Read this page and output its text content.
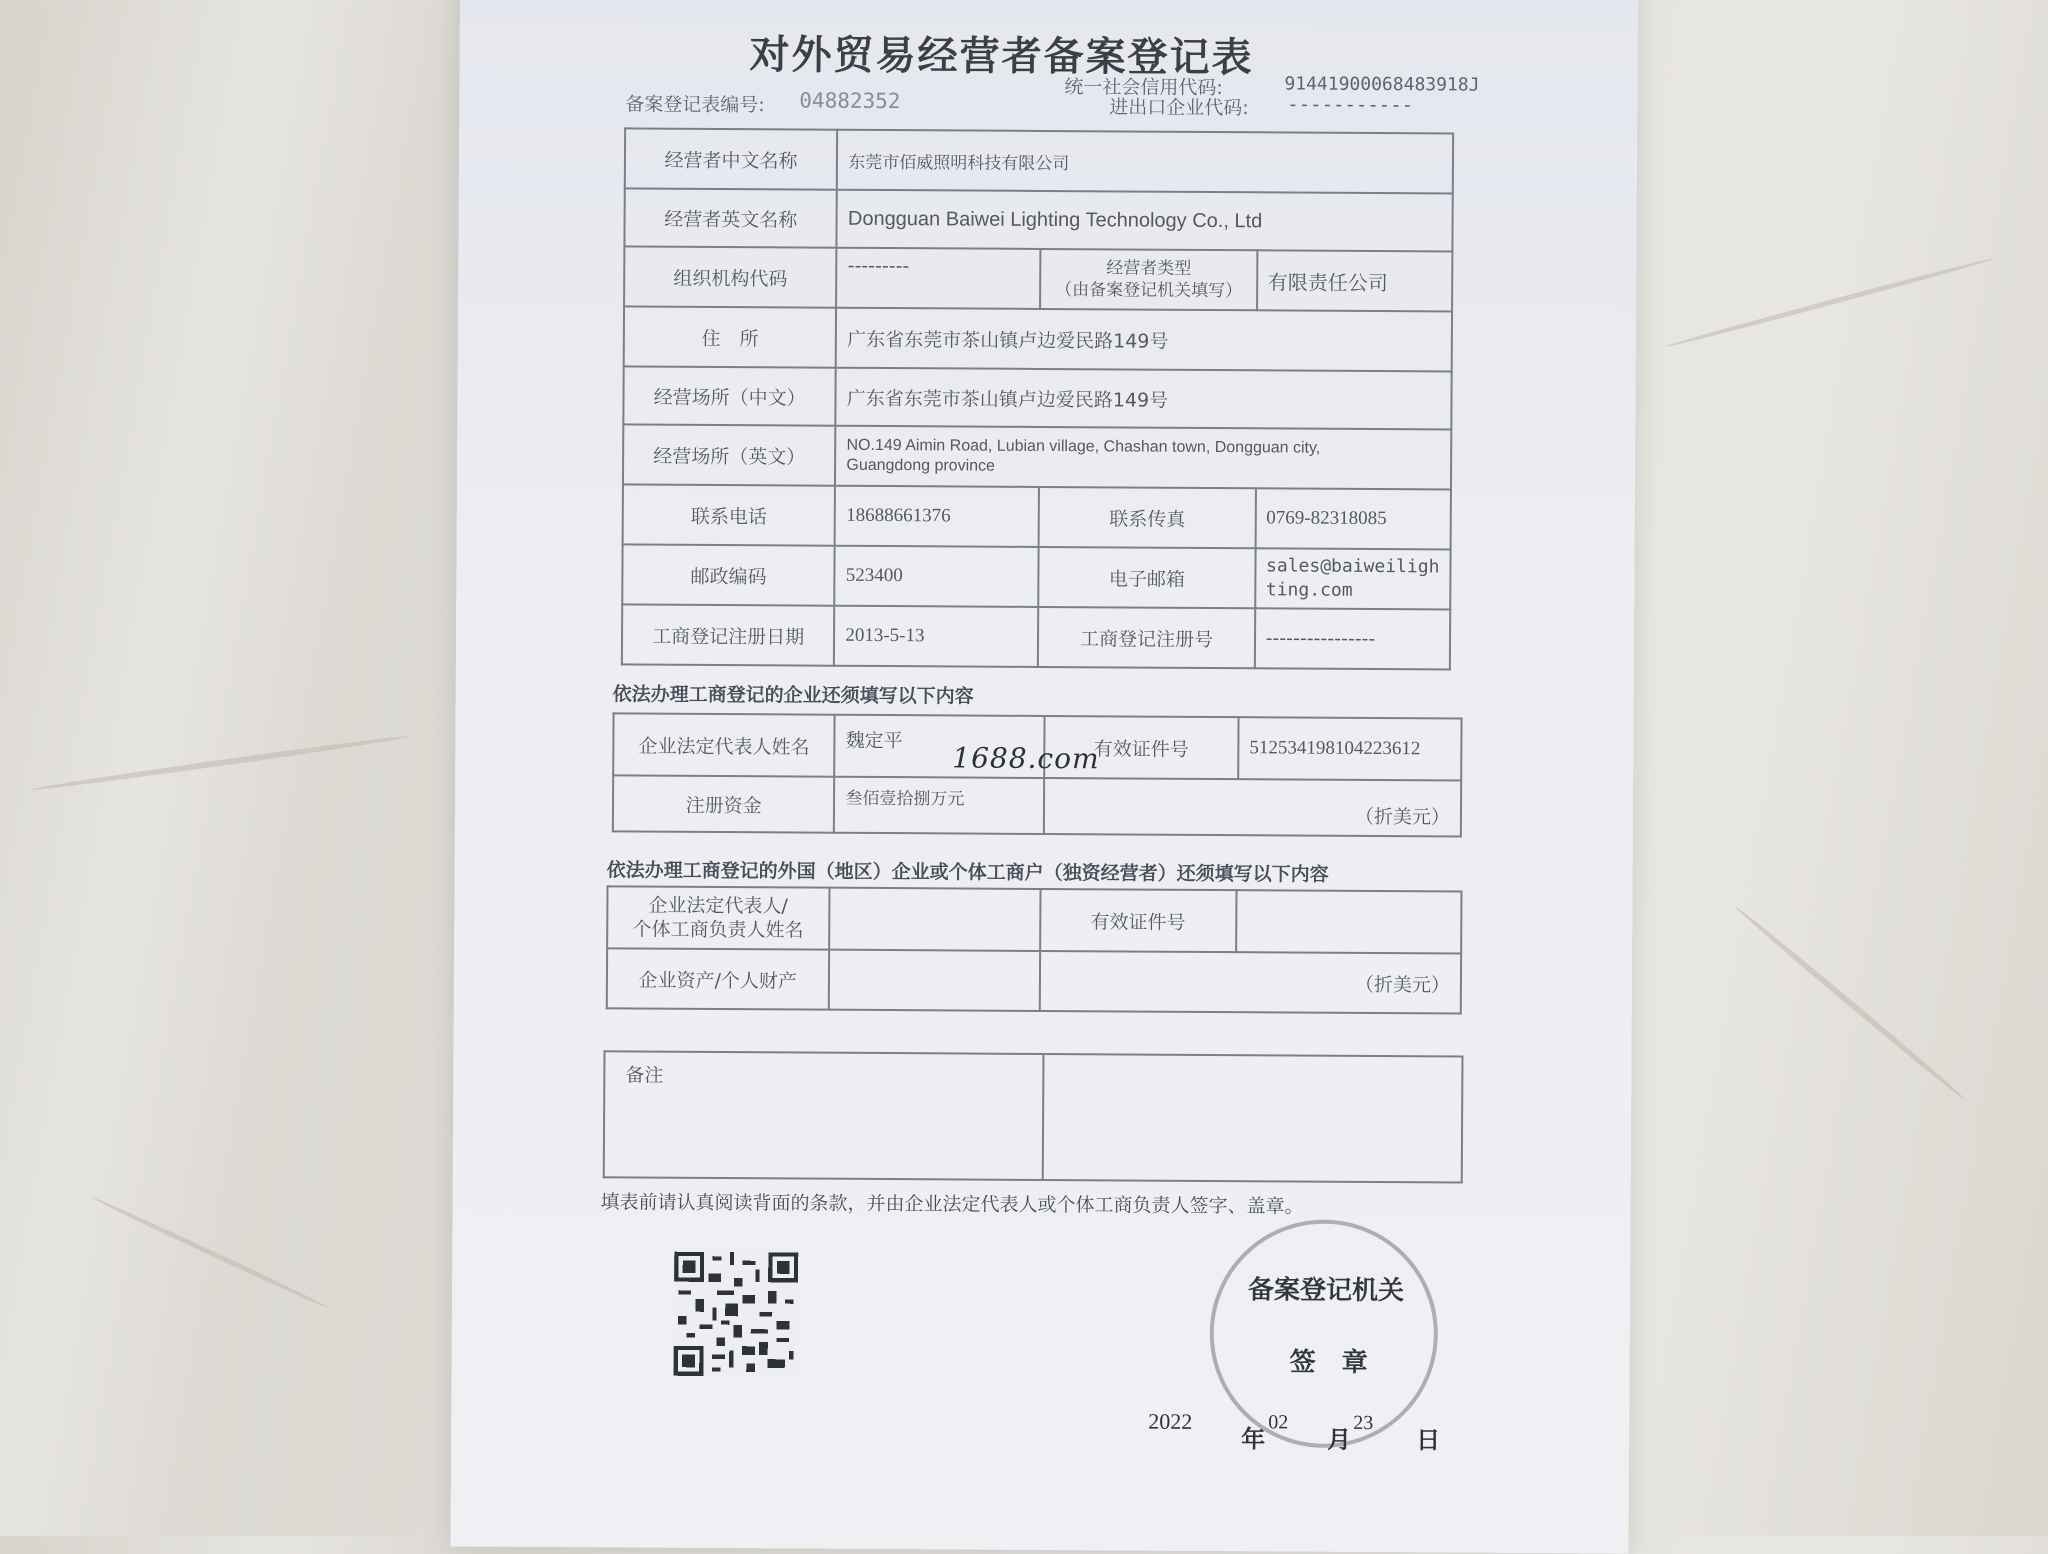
对外贸易经营者备案登记表
备案登记表编号: 04882352
统一社会信用代码:	91441900068483918J
进出口企业代码: -----------
经营者中文名称	东莞市佰威照明科技有限公司		
经营者英文名称	Dongguan Baiwei Lighting Technology Co., Ltd		
组织机构代码	---------	经营者类型
（由备案登记机关填写）	有限责任公司
住　所	广东省东莞市茶山镇卢边爱民路149号		
经营场所（中文）	广东省东莞市茶山镇卢边爱民路149号		
经营场所（英文）	NO.149 Aimin Road, Lubian village, Chashan town, Dongguan city,
Guangdong province		

联系电话	18688661376	联系传真	0769-82318085
邮政编码	523400	电子邮箱	sales@baiweiligh
ting.com

工商登记注册日期	2013-5-13	工商登记注册号	----------------
依法办理工商登记的企业还须填写以下内容
企业法定代表人姓名	魏定平	有效证件号	512534198104223612
注册资金	叁佰壹拾捌万元	（折美元）	
依法办理工商登记的外国（地区）企业或个体工商户（独资经营者）还须填写以下内容
企业法定代表人/
个体工商负责人姓名		有效证件号	
企业资产/个人财产		（折美元）	
备注	
填表前请认真阅读背面的条款，并由企业法定代表人或个体工商负责人签字、盖章。
备案登记机关
签　章
2022
年
02
月
23
日
1688.com
